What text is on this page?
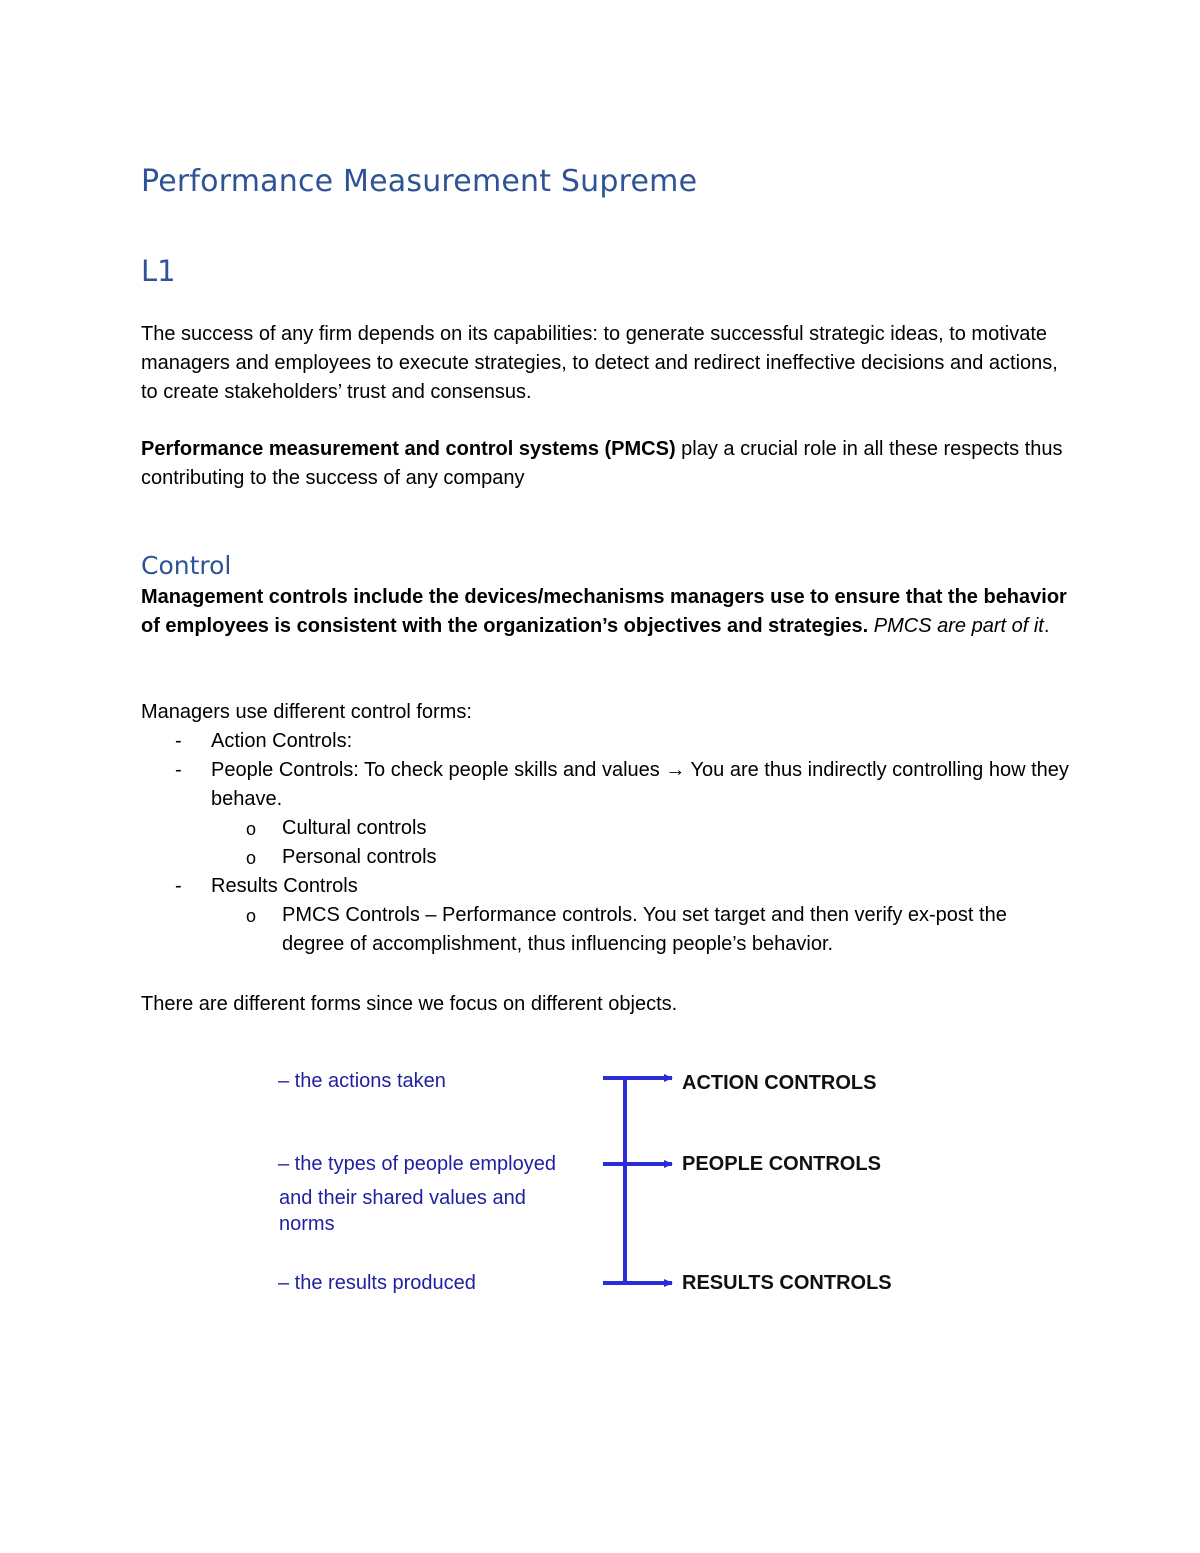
Performance Measurement Supreme
L1
The success of any firm depends on its capabilities: to generate successful strategic ideas, to motivate managers and employees to execute strategies, to detect and redirect ineffective decisions and actions, to create stakeholders’ trust and consensus.
Performance measurement and control systems (PMCS) play a crucial role in all these respects thus contributing to the success of any company
Control
Management controls include the devices/mechanisms managers use to ensure that the behavior of employees is consistent with the organization’s objectives and strategies. PMCS are part of it.
Managers use different control forms:
- Action Controls:
- People Controls: To check people skills and values → You are thus indirectly controlling how they behave.
o Cultural controls
o Personal controls
- Results Controls
o PMCS Controls – Performance controls. You set target and then verify ex-post the degree of accomplishment, thus influencing people’s behavior.
There are different forms since we focus on different objects.
– the actions taken
– the types of people employed
and their shared values and norms
– the results produced
ACTION CONTROLS
PEOPLE CONTROLS
RESULTS CONTROLS
